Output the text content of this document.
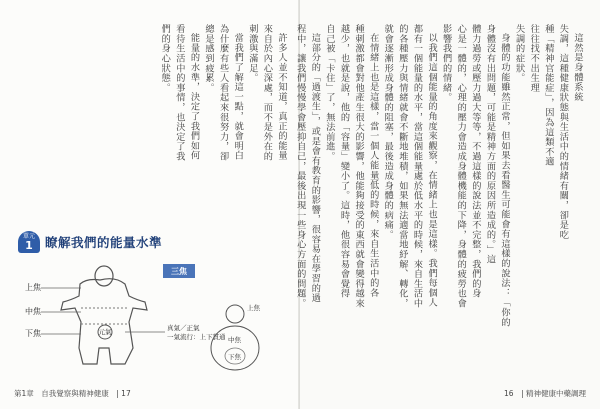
許多人並不知道，真正的能量
來自於內心深處，而不是外在的
刺激與滿足。
當我們了解這一點，就會明白
為什麼有些人看起來很努力，卻
總是感到疲累。
能量的水準，決定了我們如何
看待生活中的事情，也決定了我
們的身心狀態。
單元
1 瞭解我們的能量水準
三焦
元氣
上焦
中焦
下焦
真氣／正氣
一氣流行：上下貫通
上焦
中焦
下焦
第1章　自我覺察與精神健康　| 17
這然是身體系統
失調，這種健康狀態與生活中的情緒有關，卻是吃
種「精神官能症」，因為這類不適
往往找不出生理
失調的症狀。
身體的功能雖然正常，但如果去看醫生可能會有這樣的說法：「你的
身體沒有出問題，可能是精神方面的原因所造成的。」這
體力過勞或壓力過大等等，不過這樣的說法並不完整，我們的身
心是一體的，心理的壓力會造成身體機能的下降，身體的疲勞也會
影響我們的情緒。
以我們這個能量的角度來觀察，在情緒上也是這樣。我們每個人
都有一個能量的水平，當這個能量處於低水平的時候，來自生活中
的各種壓力與情緒就會不斷地堆積，如果無法適當地紓解、轉化，
就會逐漸形成身體的阻塞，最後造成身體的病痛。
在情緒上也是這樣，當一個人能量低的時候，來自生活中的各
種刺激都會對他產生很大的影響，他能夠接受的東西就會變得越來
越少，也就是說，他的「容量」變小了。這時，他很容易會覺得
自己被「卡住」了，無法前進。
這部分的「過渡生」，或是會有教育的影響，很容易在學習的過
程中，讓我們慢慢學會壓抑自己，最後出現一些身心方面的問題。
16　| 精神健康中藥調理
